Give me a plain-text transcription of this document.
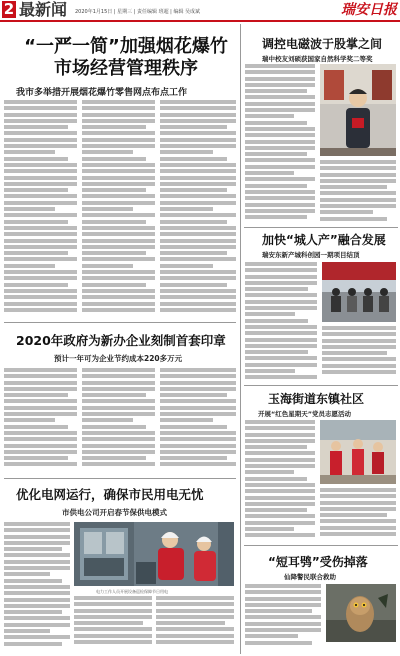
2 最新闻 2020年1月15日 | 星期三 | 责任编辑 班超 | 编辑 吴成斌	瑞安日报
“一严一简”加强烟花爆竹
市场经营管理秩序
我市多举措开展烟花爆竹零售网点布点工作
2020年政府为新办企业刻制首套印章
预计一年可为企业节约成本220多万元
优化电网运行，确保市民用电无忧
市供电公司开启春节保供电模式
电力工作人员开展设备巡检保障节日用电
调控电磁波于股掌之间
瑞中校友刘硕获国家自然科学奖二等奖
加快“城人产”融合发展
瑞安东新产城科创园一期项目结顶
玉海街道东镇社区
开展“红色星期天”党员志愿活动
“短耳鸮”受伤掉落
仙降警民联合救助
